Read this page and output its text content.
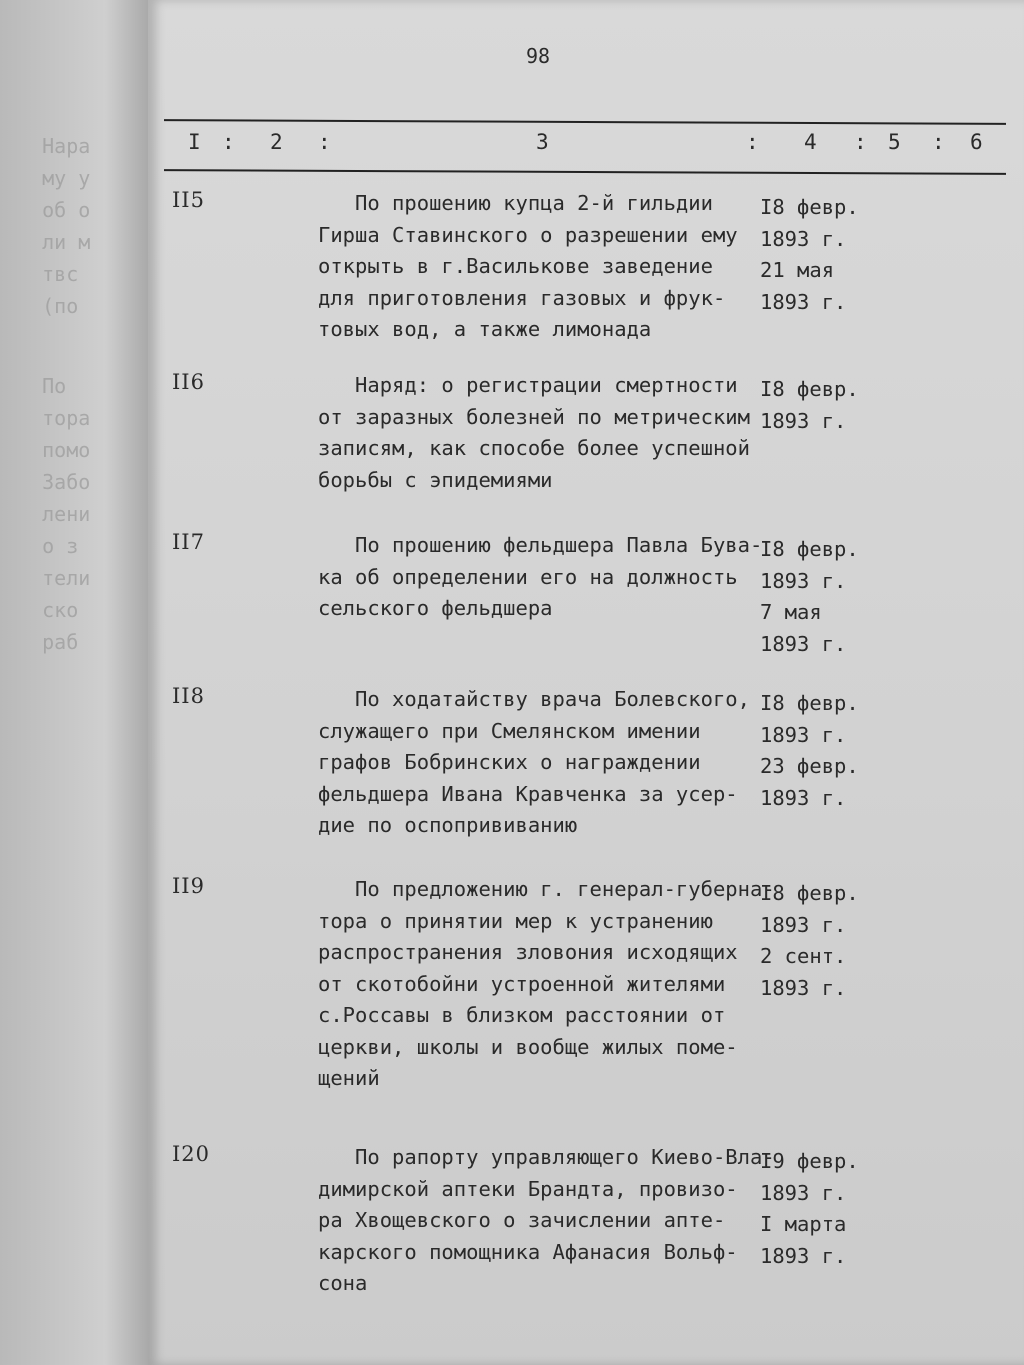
Нара
му у
об о
ли м
твс
(по
По
тора
помо
Забо
лени
о з
тели
ско
раб
98
I : 2 :	3	: 4 : 5 : 6
II5	По прошению купца 2-й гильдии
Гирша Ставинского о разрешении ему
открыть в г.Василькове заведение
для приготовления газовых и фрук-
товых вод, а также лимонада
I8 февр.
1893 г.
21 мая
1893 г.
II6	Наряд: о регистрации смертности
от заразных болезней по метрическим
записям, как способе более успешной
борьбы с эпидемиями
I8 февр.
1893 г.
II7	По прошению фельдшера Павла Бува-
ка об определении его на должность
сельского фельдшера
I8 февр.
1893 г.
7 мая
1893 г.
II8	По ходатайству врача Болевского,
служащего при Смелянском имении
графов Бобринских о награждении
фельдшера Ивана Кравченка за усер-
дие по оспопрививанию
I8 февр.
1893 г.
23 февр.
1893 г.
II9	По предложению г. генерал-губерна-
тора о принятии мер к устранению
распространения зловония исходящих
от скотобойни устроенной жителями
с.Россавы в близком расстоянии от
церкви, школы и вообще жилых поме-
щений
I8 февр.
1893 г.
2 сент.
1893 г.
I20	По рапорту управляющего Киево-Вла-
димирской аптеки Брандта, провизо-
ра Хвощевского о зачислении апте-
карского помощника Афанасия Вольф-
сона
I9 февр.
1893 г.
I марта
1893 г.
